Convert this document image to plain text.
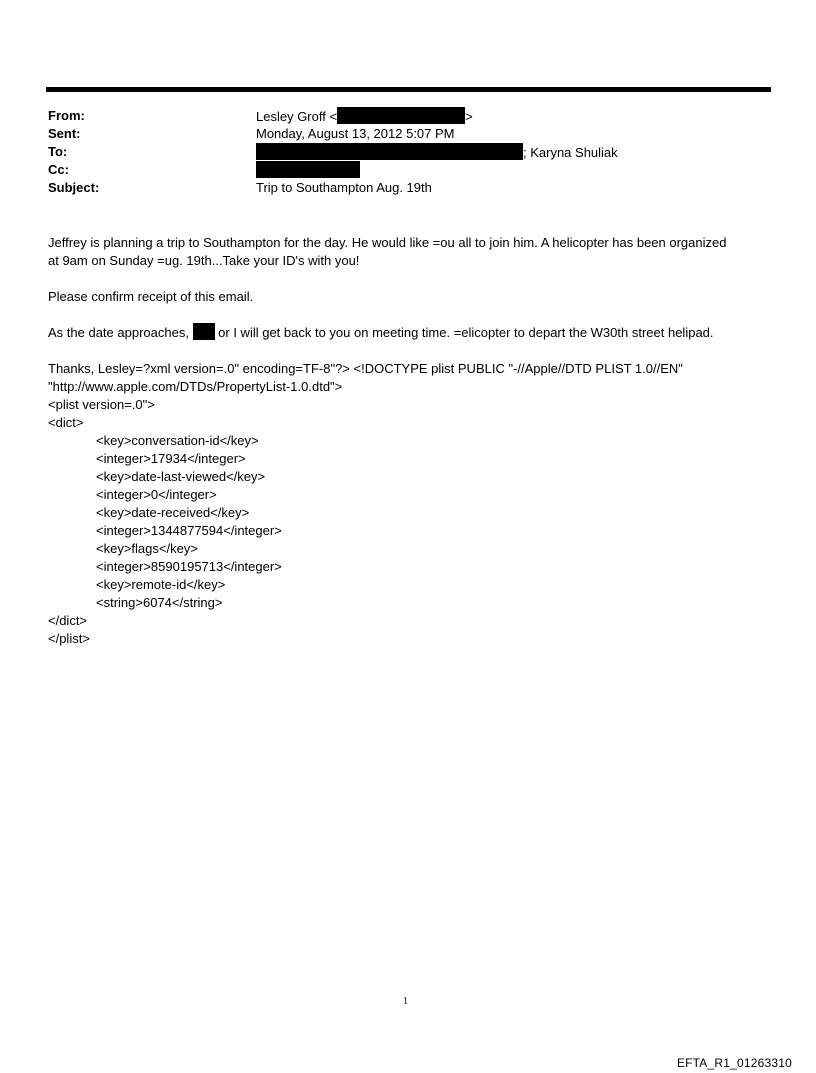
From:	Lesley Groff <	>
Sent:	Monday, August 13, 2012 5:07 PM
To:	; Karyna Shuliak
Cc:
Subject:	Trip to Southampton Aug. 19th
Jeffrey is planning a trip to Southampton for the day. He would like =ou all to join him. A helicopter has been organized
at 9am on Sunday =ug. 19th...Take your ID's with you!
Please confirm receipt of this email.
As the date approaches,  or I will get back to you on meeting time. =elicopter to depart the W30th street helipad.
Thanks, Lesley=?xml version=.0" encoding=TF-8"?> <!DOCTYPE plist PUBLIC "-//Apple//DTD PLIST 1.0//EN"
"http://www.apple.com/DTDs/PropertyList-1.0.dtd">
<plist version=.0">
<dict>
<key>conversation-id</key>
<integer>17934</integer>
<key>date-last-viewed</key>
<integer>0</integer>
<key>date-received</key>
<integer>1344877594</integer>
<key>flags</key>
<integer>8590195713</integer>
<key>remote-id</key>
<string>6074</string>
</dict>
</plist>
1
EFTA_R1_01263310
